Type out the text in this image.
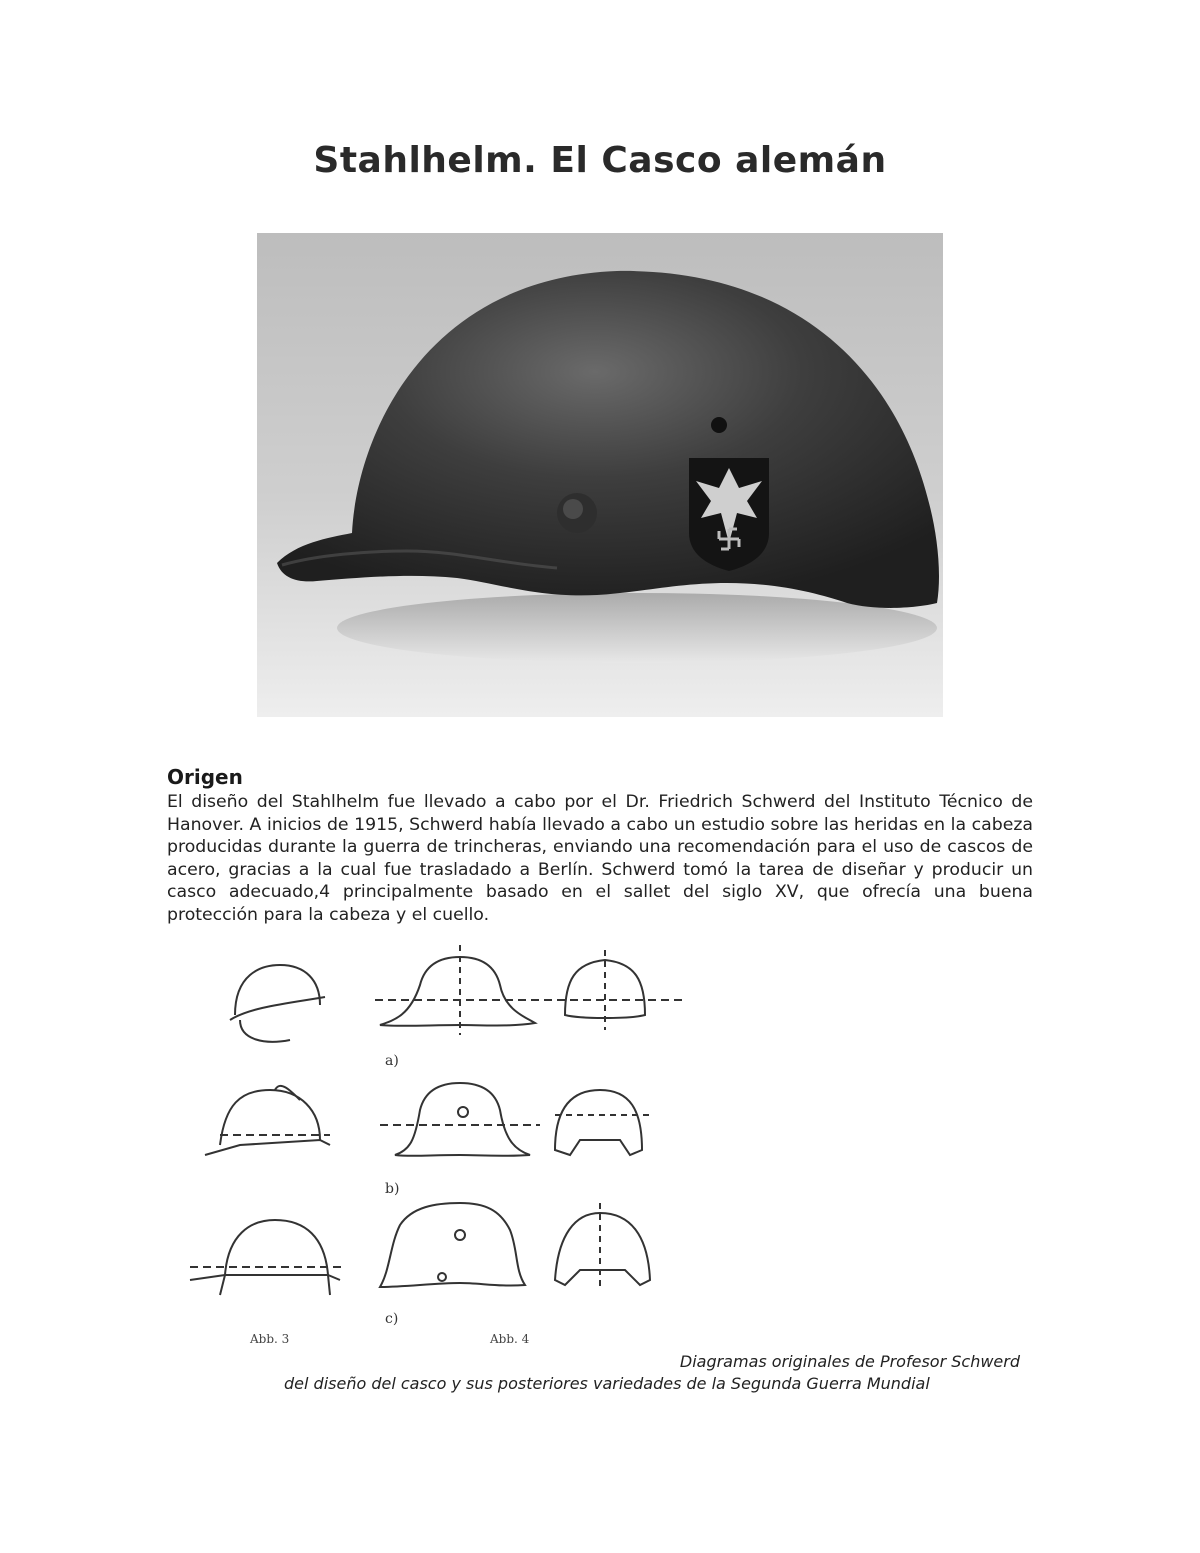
Stahlhelm. El Casco alemán
Origen

El diseño del Stahlhelm fue llevado a cabo por el Dr. Friedrich Schwerd del Instituto Técnico de Hanover. A inicios de 1915, Schwerd había llevado a cabo un estudio sobre las heridas en la cabeza producidas durante la guerra de trincheras, enviando una recomendación para el uso de cascos de acero, gracias a la cual fue trasladado a Berlín. Schwerd tomó la tarea de diseñar y producir un casco adecuado,4 principalmente basado en el sallet del siglo XV, que ofrecía una buena protección para la cabeza y el cuello.

a)
b)
c)
Abb. 3	Abb. 4

Diagramas originales de Profesor Schwerd

del diseño del casco y sus posteriores variedades de la Segunda Guerra Mundial
